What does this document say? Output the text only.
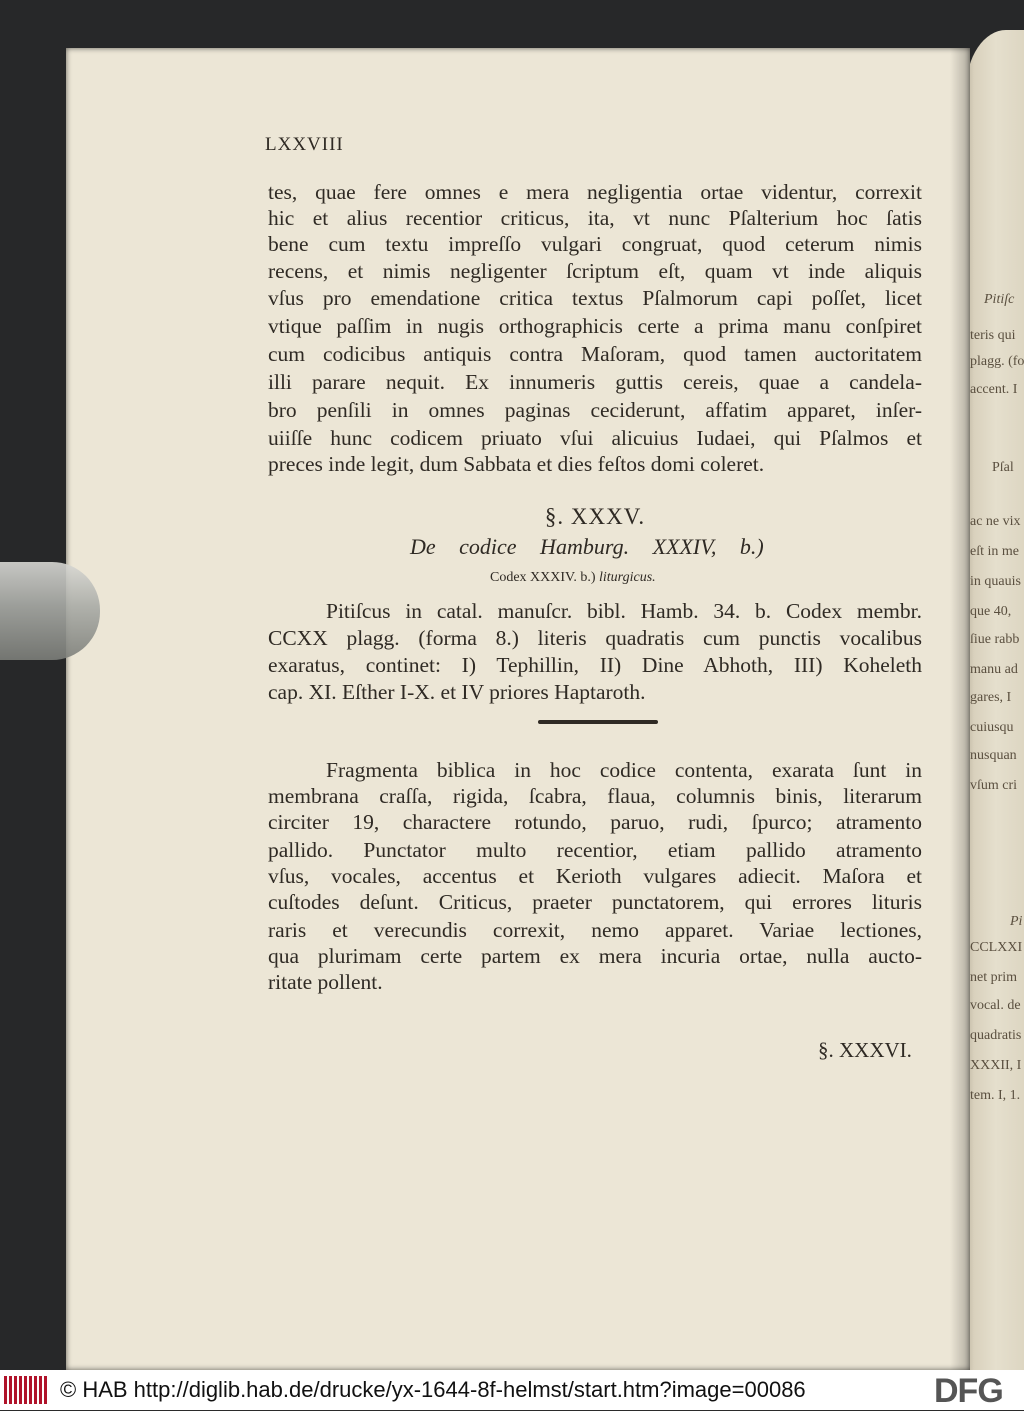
Pitiſc
teris qui
plagg. (fo
accent. I
Pſal
ac ne vix
eſt in me
in quauis
que 40,
ſiue rabb
manu ad
gares, I
cuiusqu
nusquan
vſum cri
Pi
CCLXXI
net prim
vocal. de
quadratis
XXXII, I
tem. I, 1.
LXXVIII
tes, quae fere omnes e mera negligentia ortae videntur, correxit
hic et alius recentior criticus, ita, vt nunc Pſalterium hoc ſatis
bene cum textu impreſſo vulgari congruat, quod ceterum nimis
recens, et nimis negligenter ſcriptum eſt, quam vt inde aliquis
vſus pro emendatione critica textus Pſalmorum capi poſſet, licet
vtique paſſim in nugis orthographicis certe a prima manu conſpiret
cum codicibus antiquis contra Maſoram, quod tamen auctoritatem
illi parare nequit. Ex innumeris guttis cereis, quae a candela-
bro penſili in omnes paginas ceciderunt, affatim apparet, inſer-
uiiſſe hunc codicem priuato vſui alicuius Iudaei, qui Pſalmos et
preces inde legit, dum Sabbata et dies feſtos domi coleret.
§. XXXV.
De codice Hamburg. XXXIV, b.)
Codex XXXIV. b.) liturgicus.
Pitiſcus in catal. manuſcr. bibl. Hamb. 34. b. Codex membr.
CCXX plagg. (forma 8.) literis quadratis cum punctis vocalibus
exaratus, continet: I) Tephillin, II) Dine Abhoth, III) Koheleth
cap. XI. Eſther I-X. et IV priores Haptaroth.
Fragmenta biblica in hoc codice contenta, exarata ſunt in
membrana craſſa, rigida, ſcabra, flaua, columnis binis, literarum
circiter 19, charactere rotundo, paruo, rudi, ſpurco; atramento
pallido. Punctator multo recentior, etiam pallido atramento
vſus, vocales, accentus et Kerioth vulgares adiecit. Maſora et
cuſtodes deſunt. Criticus, praeter punctatorem, qui errores lituris
raris et verecundis correxit, nemo apparet. Variae lectiones,
qua plurimam certe partem ex mera incuria ortae, nulla aucto-
ritate pollent.
§. XXXVI.
© HAB http://diglib.hab.de/drucke/yx-1644-8f-helmst/start.htm?image=00086	DFG
